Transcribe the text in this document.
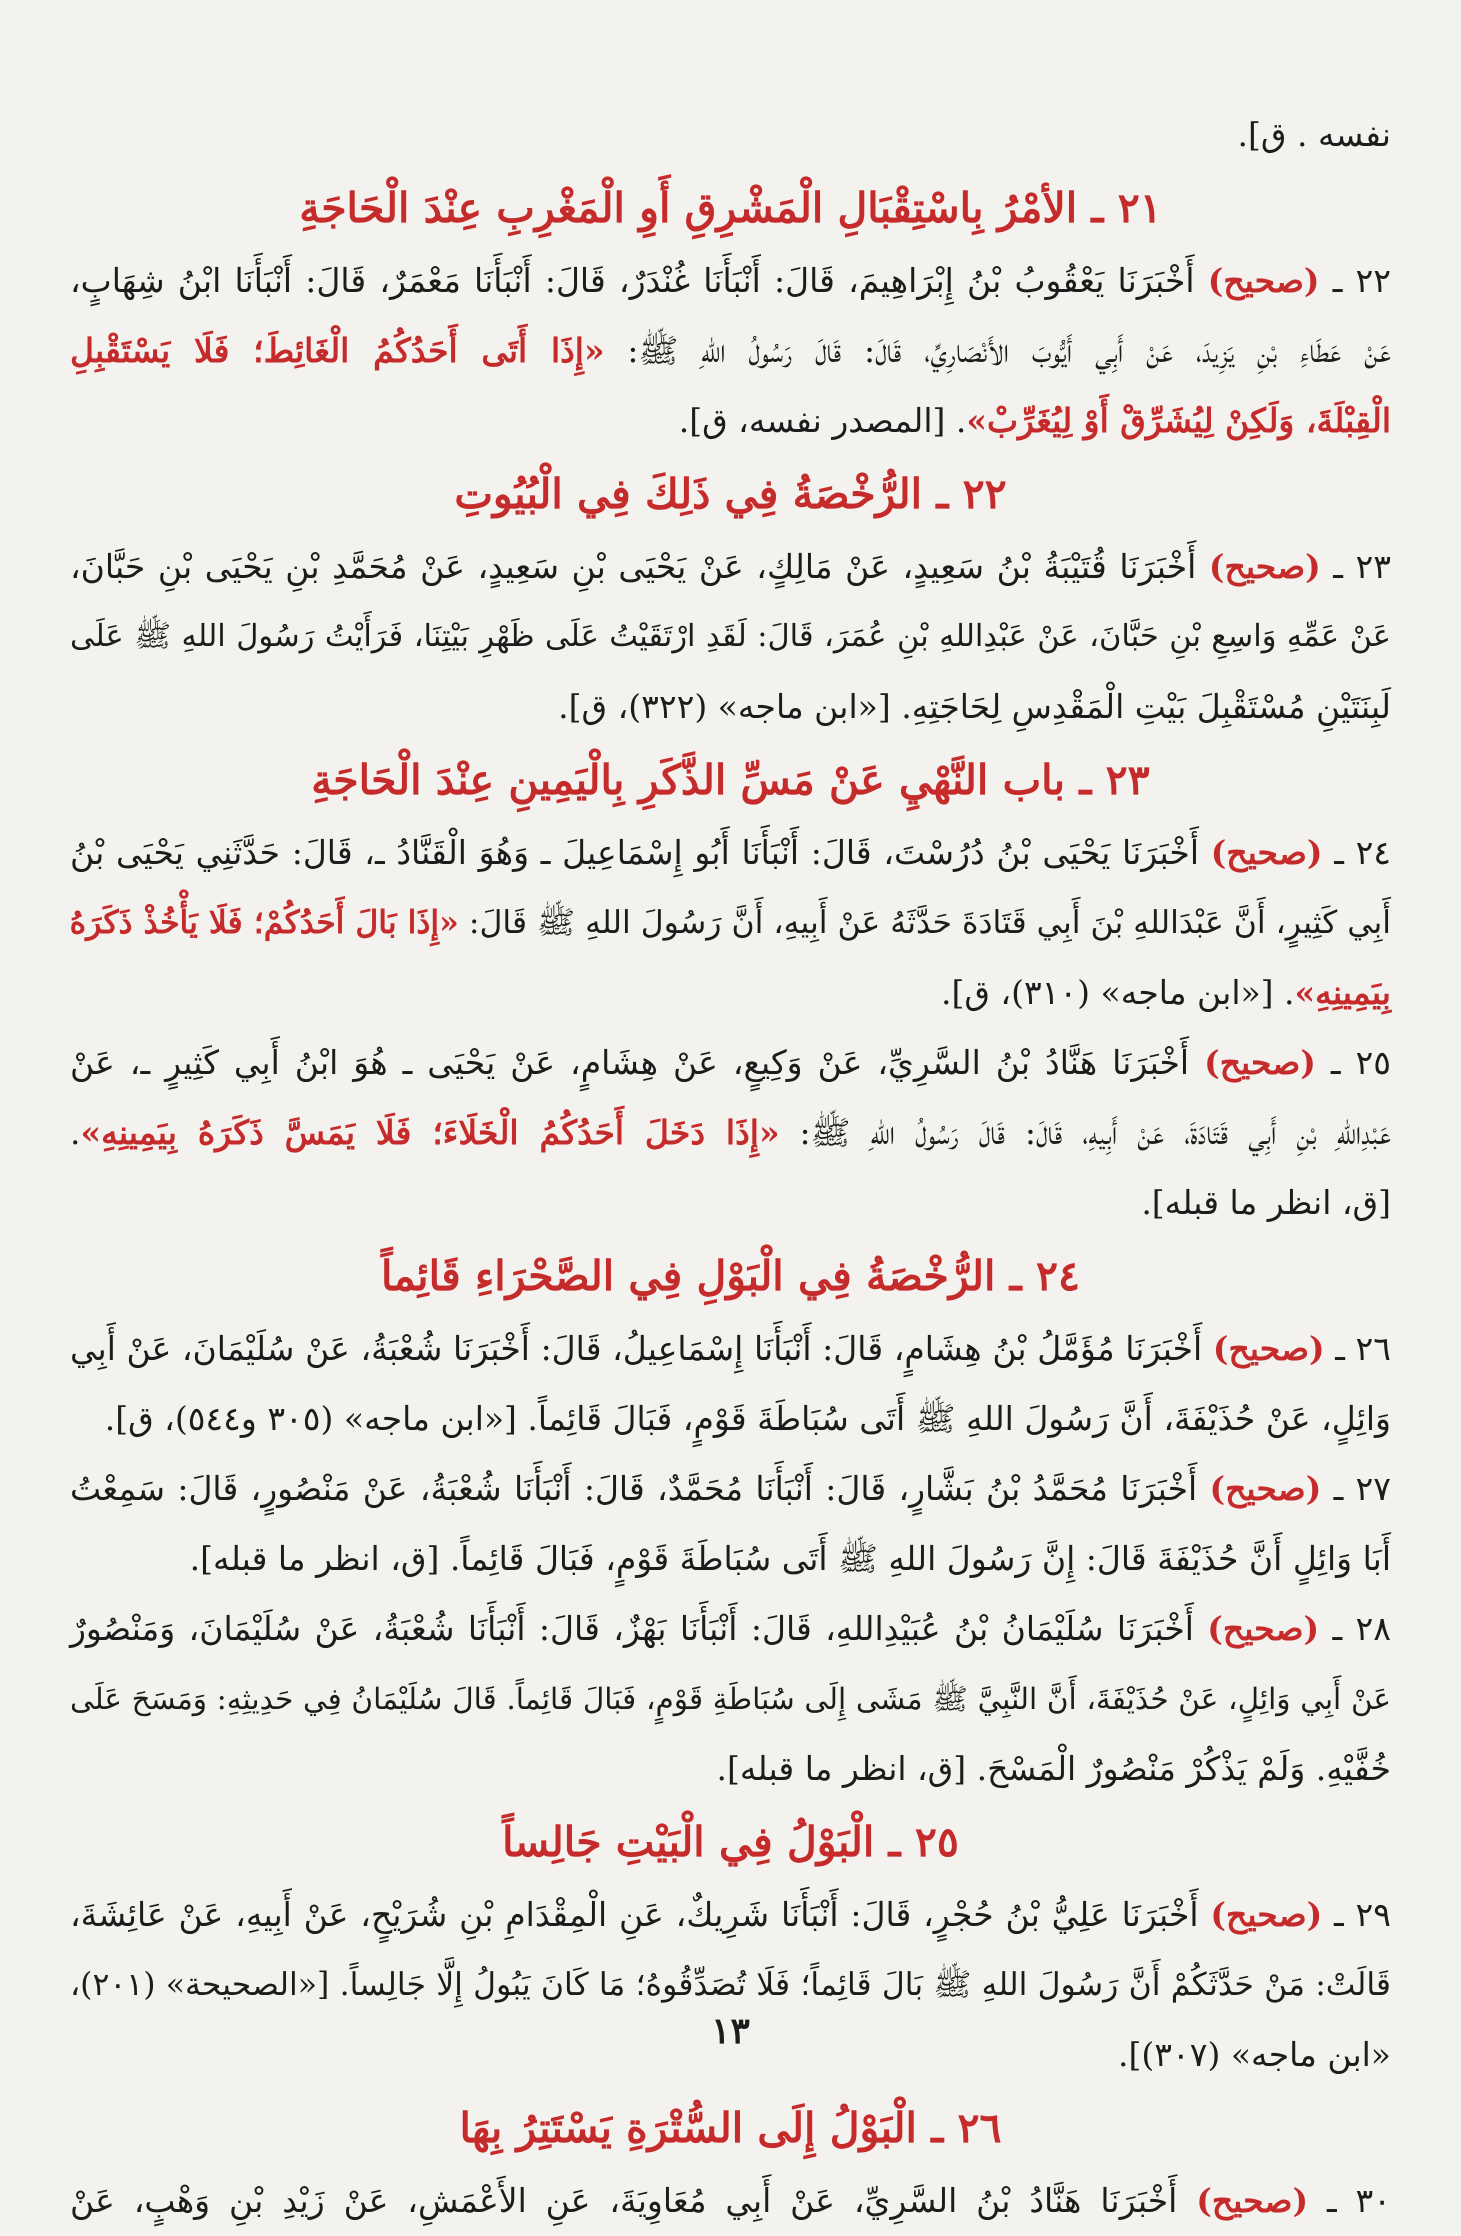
نفسه . ق].
٢١ ـ الأمْرُ بِاسْتِقْبَالِ الْمَشْرِقِ أَوِ الْمَغْرِبِ عِنْدَ الْحَاجَةِ
٢٢ ـ (صحيح) أَخْبَرَنَا يَعْقُوبُ بْنُ إِبْرَاهِيمَ، قَالَ: أَنْبَأَنَا غُنْدَرٌ، قَالَ: أَنْبَأَنَا مَعْمَرٌ، قَالَ: أَنْبَأَنَا ابْنُ شِهَابٍ،
عَنْ عَطَاءِ بْنِ يَزِيدَ، عَنْ أَبِي أَيُّوبَ الأَنْصَارِيِّ، قَالَ: قَالَ رَسُولُ اللهِ ﷺ: «إِذَا أَتَى أَحَدُكُمُ الْغَائِطَ؛ فَلَا يَسْتَقْبِلِ
الْقِبْلَةَ، وَلَكِنْ لِيُشَرِّقْ أَوْ لِيُغَرِّبْ». [المصدر نفسه، ق].
٢٢ ـ الرُّخْصَةُ فِي ذَلِكَ فِي الْبُيُوتِ
٢٣ ـ (صحيح) أَخْبَرَنَا قُتَيْبَةُ بْنُ سَعِيدٍ، عَنْ مَالِكٍ، عَنْ يَحْيَى بْنِ سَعِيدٍ، عَنْ مُحَمَّدِ بْنِ يَحْيَى بْنِ حَبَّانَ،
عَنْ عَمِّهِ وَاسِعِ بْنِ حَبَّانَ، عَنْ عَبْدِاللهِ بْنِ عُمَرَ، قَالَ: لَقَدِ ارْتَقَيْتُ عَلَى ظَهْرِ بَيْتِنَا، فَرَأَيْتُ رَسُولَ اللهِ ﷺ عَلَى
لَبِنَتَيْنِ مُسْتَقْبِلَ بَيْتِ الْمَقْدِسِ لِحَاجَتِهِ. [«ابن ماجه» (٣٢٢)، ق].
٢٣ ـ باب النَّهْيِ عَنْ مَسِّ الذَّكَرِ بِالْيَمِينِ عِنْدَ الْحَاجَةِ
٢٤ ـ (صحيح) أَخْبَرَنَا يَحْيَى بْنُ دُرُسْتَ، قَالَ: أَنْبَأَنَا أَبُو إِسْمَاعِيلَ ـ وَهُوَ الْقَنَّادُ ـ، قَالَ: حَدَّثَنِي يَحْيَى بْنُ
أَبِي كَثِيرٍ، أَنَّ عَبْدَاللهِ بْنَ أَبِي قَتَادَةَ حَدَّثَهُ عَنْ أَبِيهِ، أَنَّ رَسُولَ اللهِ ﷺ قَالَ: «إِذَا بَالَ أَحَدُكُمْ؛ فَلَا يَأْخُذْ ذَكَرَهُ
بِيَمِينِهِ». [«ابن ماجه» (٣١٠)، ق].
٢٥ ـ (صحيح) أَخْبَرَنَا هَنَّادُ بْنُ السَّرِيِّ، عَنْ وَكِيعٍ، عَنْ هِشَامٍ، عَنْ يَحْيَى ـ هُوَ ابْنُ أَبِي كَثِيرٍ ـ، عَنْ
عَبْدِاللهِ بْنِ أَبِي قَتَادَةَ، عَنْ أَبِيهِ، قَالَ: قَالَ رَسُولُ اللهِ ﷺ: «إِذَا دَخَلَ أَحَدُكُمُ الْخَلَاءَ؛ فَلَا يَمَسَّ ذَكَرَهُ بِيَمِينِهِ».
[ق، انظر ما قبله].
٢٤ ـ الرُّخْصَةُ فِي الْبَوْلِ فِي الصَّحْرَاءِ قَائِماً
٢٦ ـ (صحيح) أَخْبَرَنَا مُؤَمَّلُ بْنُ هِشَامٍ، قَالَ: أَنْبَأَنَا إِسْمَاعِيلُ، قَالَ: أَخْبَرَنَا شُعْبَةُ، عَنْ سُلَيْمَانَ، عَنْ أَبِي
وَائِلٍ، عَنْ حُذَيْفَةَ، أَنَّ رَسُولَ اللهِ ﷺ أَتَى سُبَاطَةَ قَوْمٍ، فَبَالَ قَائِماً. [«ابن ماجه» (٣٠٥ و٥٤٤)، ق].
٢٧ ـ (صحيح) أَخْبَرَنَا مُحَمَّدُ بْنُ بَشَّارٍ، قَالَ: أَنْبَأَنَا مُحَمَّدٌ، قَالَ: أَنْبَأَنَا شُعْبَةُ، عَنْ مَنْصُورٍ، قَالَ: سَمِعْتُ
أَبَا وَائِلٍ أَنَّ حُذَيْفَةَ قَالَ: إِنَّ رَسُولَ اللهِ ﷺ أَتَى سُبَاطَةَ قَوْمٍ، فَبَالَ قَائِماً. [ق، انظر ما قبله].
٢٨ ـ (صحيح) أَخْبَرَنَا سُلَيْمَانُ بْنُ عُبَيْدِاللهِ، قَالَ: أَنْبَأَنَا بَهْزٌ، قَالَ: أَنْبَأَنَا شُعْبَةُ، عَنْ سُلَيْمَانَ، وَمَنْصُورٌ
عَنْ أَبِي وَائِلٍ، عَنْ حُذَيْفَةَ، أَنَّ النَّبِيَّ ﷺ مَشَى إِلَى سُبَاطَةِ قَوْمٍ، فَبَالَ قَائِماً. قَالَ سُلَيْمَانُ فِي حَدِيثِهِ: وَمَسَحَ عَلَى
خُفَّيْهِ. وَلَمْ يَذْكُرْ مَنْصُورٌ الْمَسْحَ. [ق، انظر ما قبله].
٢٥ ـ الْبَوْلُ فِي الْبَيْتِ جَالِساً
٢٩ ـ (صحيح) أَخْبَرَنَا عَلِيُّ بْنُ حُجْرٍ، قَالَ: أَنْبَأَنَا شَرِيكٌ، عَنِ الْمِقْدَامِ بْنِ شُرَيْحٍ، عَنْ أَبِيهِ، عَنْ عَائِشَةَ،
قَالَتْ: مَنْ حَدَّثَكُمْ أَنَّ رَسُولَ اللهِ ﷺ بَالَ قَائِماً؛ فَلَا تُصَدِّقُوهُ؛ مَا كَانَ يَبُولُ إِلَّا جَالِساً. [«الصحيحة» (٢٠١)،
«ابن ماجه» (٣٠٧)].
٢٦ ـ الْبَوْلُ إِلَى السُّتْرَةِ يَسْتَتِرُ بِهَا
٣٠ ـ (صحيح) أَخْبَرَنَا هَنَّادُ بْنُ السَّرِيِّ، عَنْ أَبِي مُعَاوِيَةَ، عَنِ الأَعْمَشِ، عَنْ زَيْدِ بْنِ وَهْبٍ، عَنْ
١٣
